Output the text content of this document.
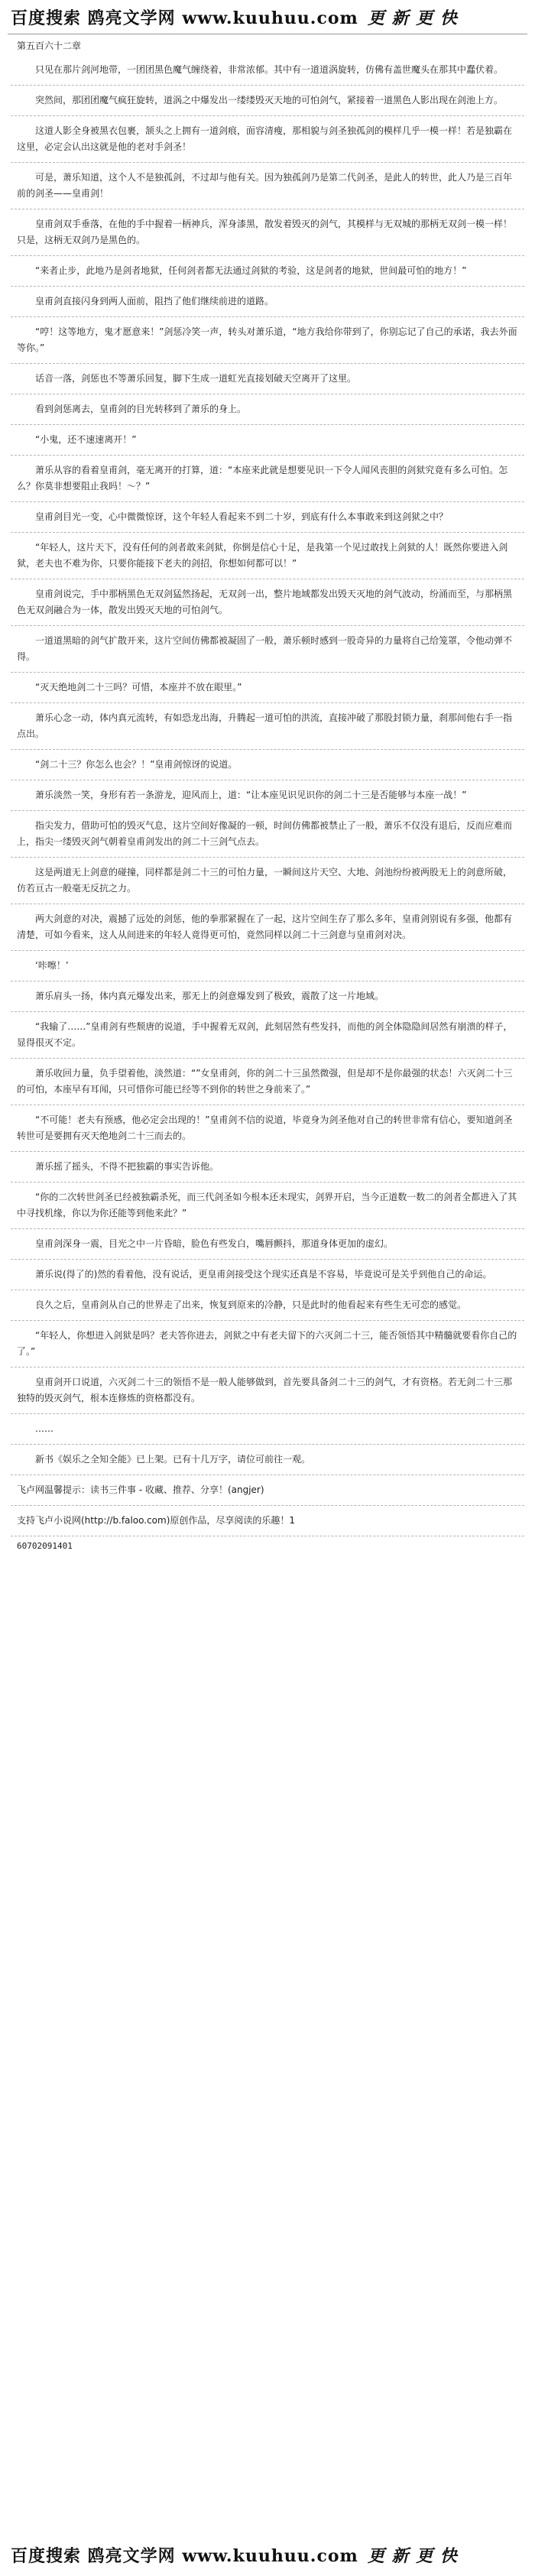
百度搜索 鸥亮文学网 www.kuuhuu.com 更 新 更 快
第五百六十二章

只见在那片剑河地带，一团团黑色魔气缠绕着，非常浓郁。其中有一道道涡旋转，仿佛有盖世魔头在那其中蠢伏着。

突然间，那团团魔气疯狂旋转，道涡之中爆发出一缕缕毁灭天地的可怕剑气，紧接着一道黑色人影出现在剑池上方。

这道人影全身被黑衣包裹，颔头之上拥有一道剑痕，面容清瘦，那相貌与剑圣独孤剑的模样几乎一模一样！若是独霸在这里，必定会认出这就是他的老对手剑圣！

可是，萧乐知道，这个人不是独孤剑，不过却与他有关。因为独孤剑乃是第二代剑圣，是此人的转世，此人乃是三百年前的剑圣——皇甫剑！

皇甫剑双手垂落，在他的手中握着一柄神兵，浑身漆黑，散发着毁灭的剑气，其模样与无双城的那柄无双剑一模一样！只是，这柄无双剑乃是黑色的。

“来者止步，此地乃是剑者地狱，任何剑者都无法通过剑狱的考验，这是剑者的地狱，世间最可怕的地方！”

皇甫剑直接闪身到两人面前，阻挡了他们继续前进的道路。

“哼！这等地方，鬼才愿意来！”剑惩冷笑一声，转头对萧乐道，“地方我给你带到了，你别忘记了自己的承诺，我去外面等你。”

话音一落，剑惩也不等萧乐回复，脚下生成一道虹光直接划破天空离开了这里。

看到剑惩离去，皇甫剑的目光转移到了萧乐的身上。

“小鬼，还不速速离开！”

萧乐从容的看着皇甫剑，毫无离开的打算，道：“本座来此就是想要见识一下令人闻风丧胆的剑狱究竟有多么可怕。怎么？你莫非想要阻止我吗！～？”

皇甫剑目光一变，心中微微惊讶，这个年轻人看起来不到二十岁，到底有什么本事敢来到这剑狱之中？

“年轻人，这片天下，没有任何的剑者敢来剑狱，你倒是信心十足，是我第一个见过敢找上剑狱的人！既然你要进入剑狱，老夫也不难为你，只要你能接下老夫的剑招，你想如何都可以！”

皇甫剑说完，手中那柄黑色无双剑猛然扬起，无双剑一出，整片地域都发出毁天灭地的剑气波动，纷涌而至，与那柄黑色无双剑融合为一体，散发出毁灭天地的可怕剑气。

一道道黑暗的剑气扩散开来，这片空间仿佛都被凝固了一般，萧乐顿时感到一股奇异的力量将自己给笼罩，令他动弹不得。

“灭天绝地剑二十三吗？可惜，本座并不放在眼里。”

萧乐心念一动，体内真元流转，有如恐龙出海，升腾起一道可怕的洪流，直接冲破了那股封锁力量，刹那间他右手一指点出。

“剑二十三？你怎么也会？！”皇甫剑惊讶的说道。

萧乐淡然一笑，身形有若一条游龙，迎风而上，道：“让本座见识见识你的剑二十三是否能够与本座一战！”

指尖发力，借助可怕的毁灭气息，这片空间好像凝的一顿，时间仿佛都被禁止了一般，萧乐不仅没有退后，反而应难而上，指尖一缕毁灭剑气朝着皇甫剑发出的剑二十三剑气点去。

这是两道无上剑意的碰撞，同样都是剑二十三的可怕力量，一瞬间这片天空、大地、剑池纷纷被两股无上的剑意所破，仿若亘古一般毫无反抗之力。

两大剑意的对决，震撼了远处的剑惩，他的拳那紧握在了一起，这片空间生存了那么多年，皇甫剑别说有多强，他都有清楚，可如今看来，这人从间进来的年轻人竟得更可怕，竟然同样以剑二十三剑意与皇甫剑对决。

‘咔嚓！’

萧乐肩头一扬，体内真元爆发出来，那无上的剑意爆发到了极致，震散了这一片地域。

“我输了……”皇甫剑有些颓唐的说道，手中握着无双剑，此刻居然有些发抖，而他的剑全体隐隐间居然有崩溃的样子，显得很灭不定。

萧乐收回力量，负手望着他，淡然道：“”女皇甫剑，你的剑二十三虽然微强，但是却不是你最强的状态！六灭剑二十三的可怕，本座早有耳闻，只可惜你可能已经等不到你的转世之身前来了。”

“不可能！老夫有预感，他必定会出现的！”皇甫剑不信的说道，毕竟身为剑圣他对自己的转世非常有信心，要知道剑圣转世可是要拥有灭天绝地剑二十三而去的。

萧乐摇了摇头，不得不把独霸的事实告诉他。

“你的二次转世剑圣已经被独霸杀死，而三代剑圣如今根本还未现实，剑界开启，当今正道数一数二的剑者全都进入了其中寻找机缘，你以为你还能等到他来此？”

皇甫剑深身一震，目光之中一片昏暗，脸色有些发白，嘴唇颤抖，那道身体更加的虚幻。

萧乐说(得了的)然的看着他，没有说话，更皇甫剑接受这个现实还真是不容易，毕竟说可是关乎到他自己的命运。

良久之后，皇甫剑从自己的世界走了出来，恢复到原来的冷静，只是此时的他看起来有些生无可恋的感觉。

“年轻人，你想进入剑狱是吗？老夫答你进去，剑狱之中有老夫留下的六灭剑二十三，能否领悟其中精髓就要看你自己的了。”

皇甫剑开口说道，六灭剑二十三的领悟不是一般人能够做到，首先要具备剑二十三的剑气，才有资格。若无剑二十三那独特的毁灭剑气，根本连修炼的资格都没有。

……

新书《娱乐之全知全能》已上架。已有十几万字，请位可前往一观。
飞卢网温馨提示：读书三件事 - 收藏、推荐、分享！(angjer)
支持飞卢小说网(http://b.faloo.com)原创作品，尽享阅读的乐趣！1
60702091401
百度搜索 鸥亮文学网 www.kuuhuu.com 更 新 更 快
